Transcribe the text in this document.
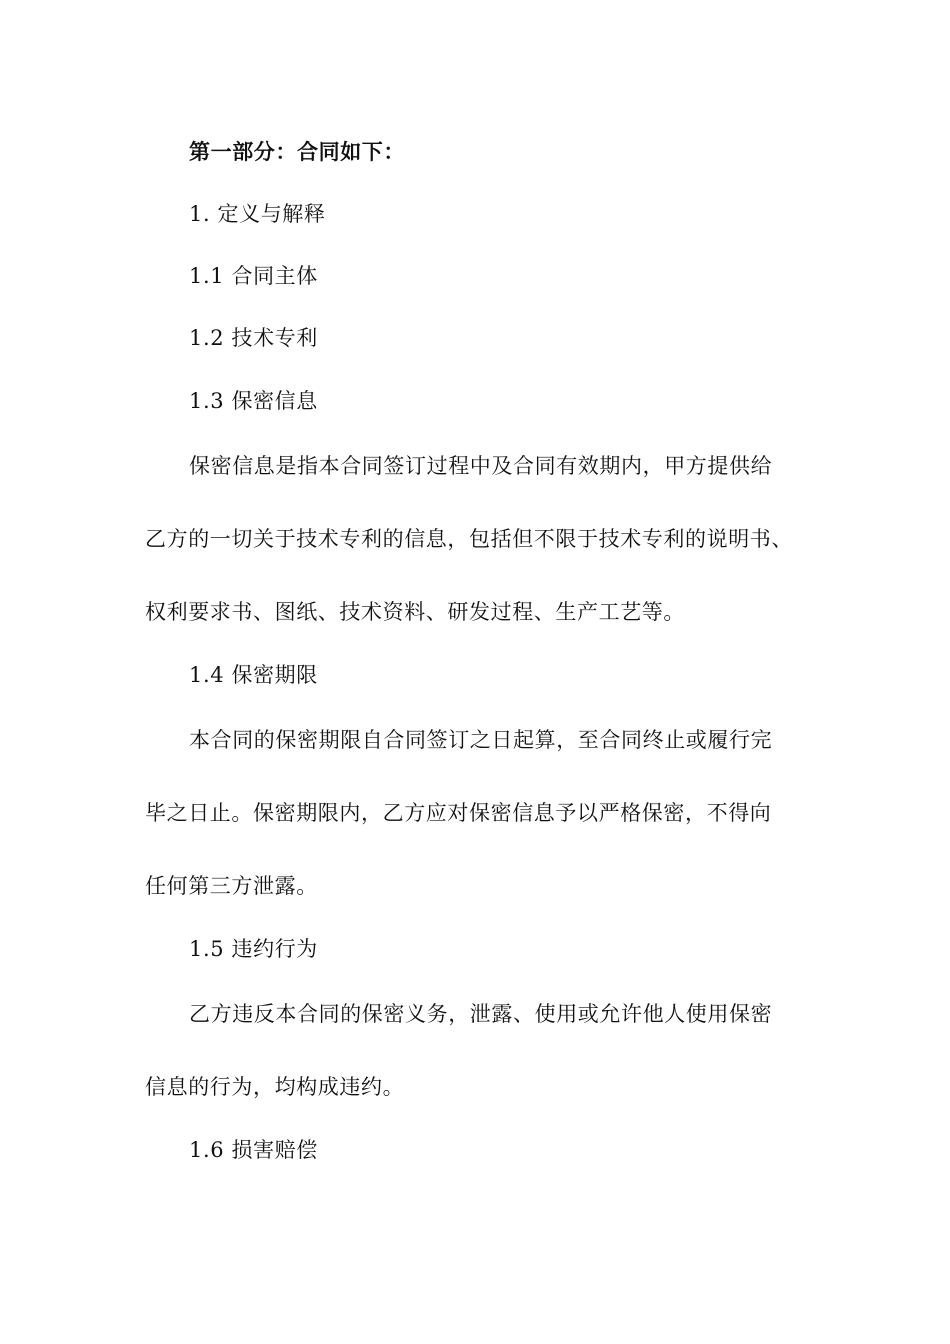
第一部分：合同如下：
1. 定义与解释
1.1 合同主体
1.2 技术专利
1.3 保密信息
保密信息是指本合同签订过程中及合同有效期内，甲方提供给
乙方的一切关于技术专利的信息，包括但不限于技术专利的说明书、
权利要求书、图纸、技术资料、研发过程、生产工艺等。
1.4 保密期限
本合同的保密期限自合同签订之日起算，至合同终止或履行完
毕之日止。保密期限内，乙方应对保密信息予以严格保密，不得向
任何第三方泄露。
1.5 违约行为
乙方违反本合同的保密义务，泄露、使用或允许他人使用保密
信息的行为，均构成违约。
1.6 损害赔偿
